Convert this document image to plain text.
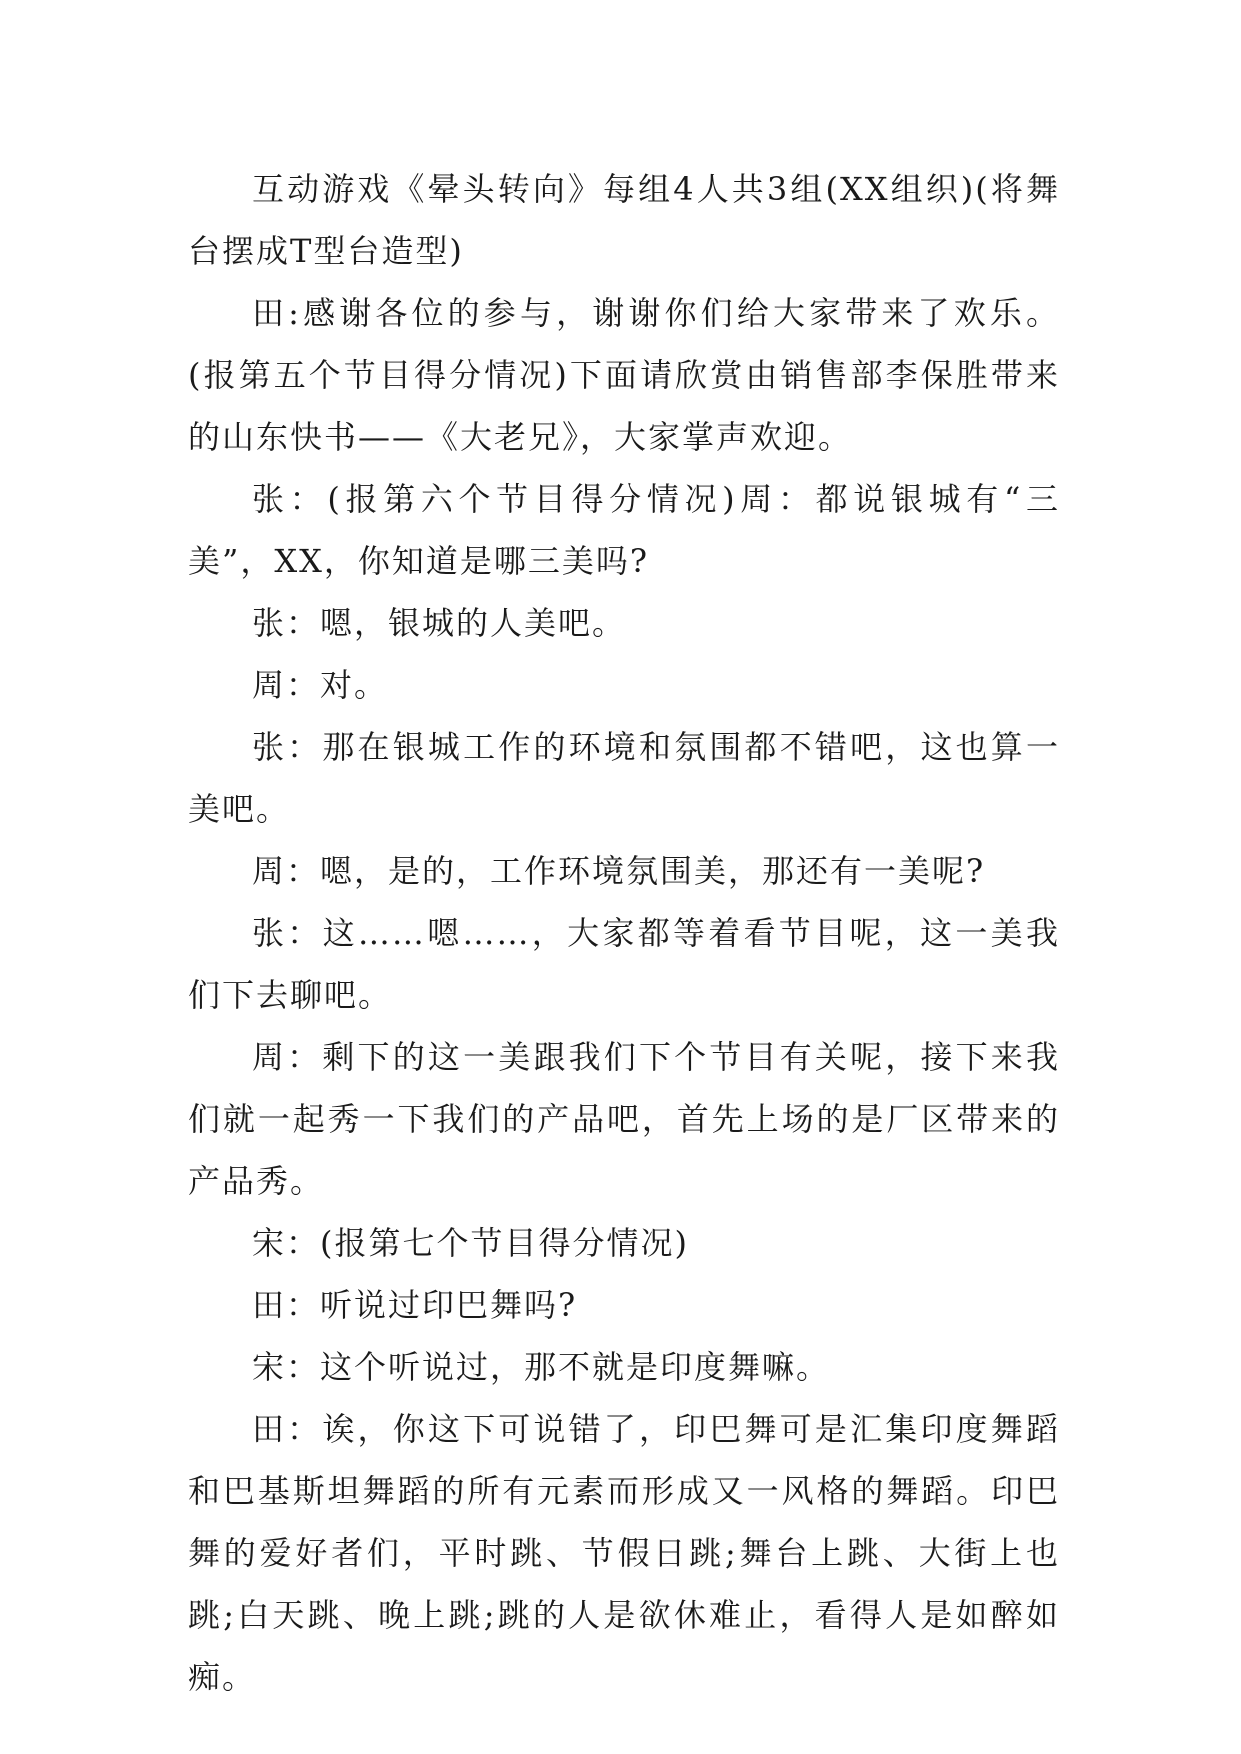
互动游戏《晕头转向》每组4人共3组(XX组织)(将舞台摆成T型台造型)

田:感谢各位的参与，谢谢你们给大家带来了欢乐。(报第五个节目得分情况)下面请欣赏由销售部李保胜带来的山东快书——《大老兄》，大家掌声欢迎。

张：(报第六个节目得分情况)周：都说银城有“三美”，XX，你知道是哪三美吗?

张：嗯，银城的人美吧。

周：对。

张：那在银城工作的环境和氛围都不错吧，这也算一美吧。

周：嗯，是的，工作环境氛围美，那还有一美呢?

张：这……嗯……，大家都等着看节目呢，这一美我们下去聊吧。

周：剩下的这一美跟我们下个节目有关呢，接下来我们就一起秀一下我们的产品吧，首先上场的是厂区带来的产品秀。

宋：(报第七个节目得分情况)

田：听说过印巴舞吗?

宋：这个听说过，那不就是印度舞嘛。

田：诶，你这下可说错了，印巴舞可是汇集印度舞蹈和巴基斯坦舞蹈的所有元素而形成又一风格的舞蹈。印巴舞的爱好者们，平时跳、节假日跳;舞台上跳、大街上也跳;白天跳、晚上跳;跳的人是欲休难止，看得人是如醉如痴。
